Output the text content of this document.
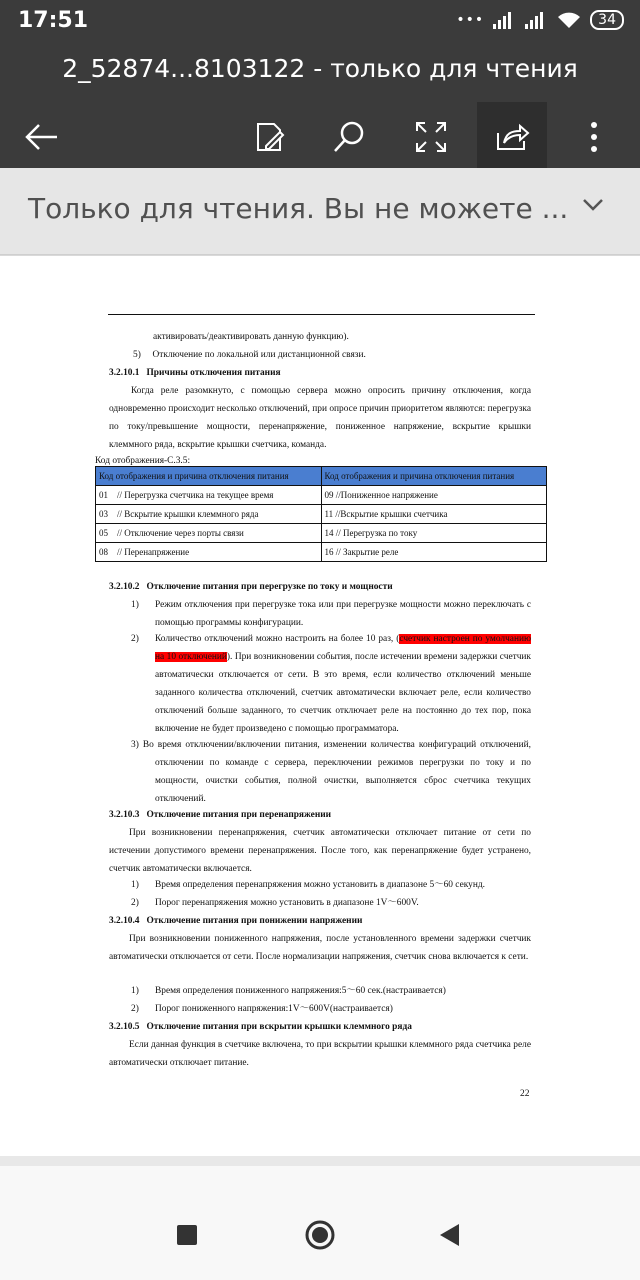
17:51	•••	34
2_52874...8103122 - только для чтения
Только для чтения. Вы не можете ...
активировать/деактивировать данную функцию).
5)     Отключение по локальной или дистанционной связи.
3.2.10.1   Причины отключения питания
Когда реле разомкнуто, с помощью сервера можно опросить причину отключения, когда одновременно происходит несколько отключений, при опросе причин приоритетом являются: перегрузка по току/превышение мощности, перенапряжение, пониженное напряжение, вскрытие крышки клеммного ряда, вскрытие крышки счетчика, команда.
Код отображения-C.3.5:
Код отображения и причина отключения питания	Код отображения и причина отключения питания
01    // Перегрузка счетчика на текущее время	09 //Пониженное напряжение
03    // Вскрытие крышки клеммного ряда	11 //Вскрытие крышки счетчика
05    // Отключение через порты связи	14 // Перегрузка по току
08    // Перенапряжение	16 // Закрытие реле
3.2.10.2   Отключение питания при перегрузке по току и мощности
1)	Режим отключения при перегрузке тока или при перегрузке мощности можно переключать с помощью программы конфигурации.
2)	Количество отключений можно настроить на более 10 раз, (счетчик настроен по умолчанию на 10 отключений). При возникновении события, после истечении времени задержки счетчик автоматически отключается от сети. В это время, если количество отключений меньше заданного количества отключений, счетчик автоматически включает реле, если количество отключений больше заданного, то счетчик отключает реле на постоянно до тех пор, пока включение не будет произведено с помощью программатора.
3) Во время отключении/включении питания, изменении количества конфигураций отключений, отключении по команде с сервера, переключении режимов перегрузки по току и по мощности, очистки события, полной очистки, выполняется сброс счетчика текущих отключений.
3.2.10.3   Отключение питания при перенапряжении
При возникновении перенапряжения, счетчик автоматически отключает питание от сети по истечении допустимого времени перенапряжения. После того, как перенапряжение будет устранено, счетчик автоматически включается.
1)	Время определения перенапряжения можно установить в диапазоне 5～60 секунд.
2)	Порог перенапряжения можно установить в диапазоне 1V～600V.
3.2.10.4   Отключение питания при понижении напряжении
При возникновении пониженного напряжения, после установленного времени задержки счетчик автоматически отключается от сети. После нормализации напряжения, счетчик снова включается к сети.
1)	Время определения пониженного напряжения:5～60 сек.(настраивается)
2)	Порог пониженного напряжения:1V～600V(настраивается)
3.2.10.5   Отключение питания при вскрытии крышки клеммного ряда
Если данная функция в счетчике включена, то при вскрытии крышки клеммного ряда счетчика реле автоматически отключает питание.
22
